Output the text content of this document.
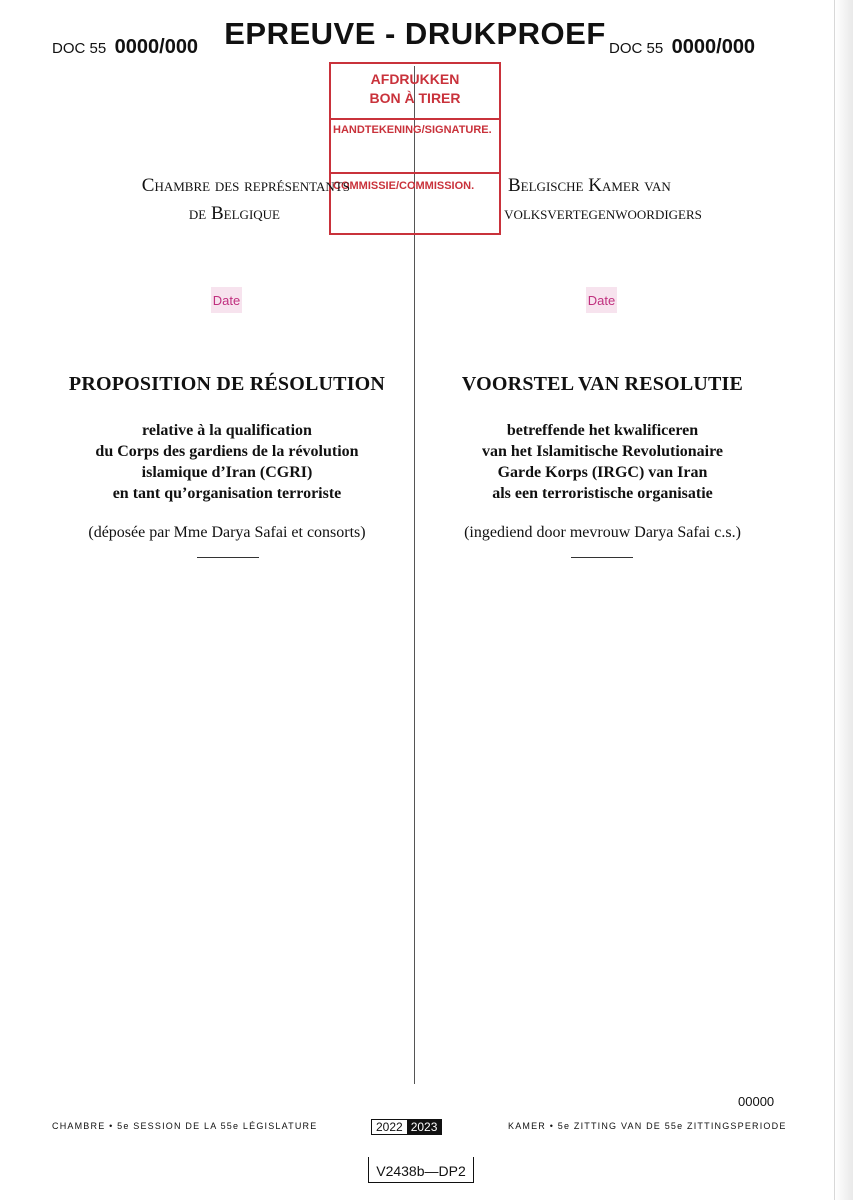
DOC 55 0000/000 EPREUVE - DRUKPROEF DOC 55 0000/000
AFDRUKKEN
BON À TIRER
HANDTEKENING/SIGNATURE.
COMMISSIE/COMMISSION.
Chambre des représentants
de Belgique
Belgische Kamer van
volksvertegenwoordigers
Date	Date
PROPOSITION DE RÉSOLUTION
relative à la qualification
du Corps des gardiens de la révolution
islamique d’Iran (CGRI)
en tant qu’organisation terroriste
(déposée par Mme Darya Safai et consorts)
VOORSTEL VAN RESOLUTIE
betreffende het kwalificeren
van het Islamitische Revolutionaire
Garde Korps (IRGC) van Iran
als een terroristische organisatie
(ingediend door mevrouw Darya Safai c.s.)
00000
CHAMBRE • 5e SESSION DE LA 55e LÉGISLATURE	2022 2023	KAMER • 5e ZITTING VAN DE 55e ZITTINGSPERIODE
V2438b—DP2
